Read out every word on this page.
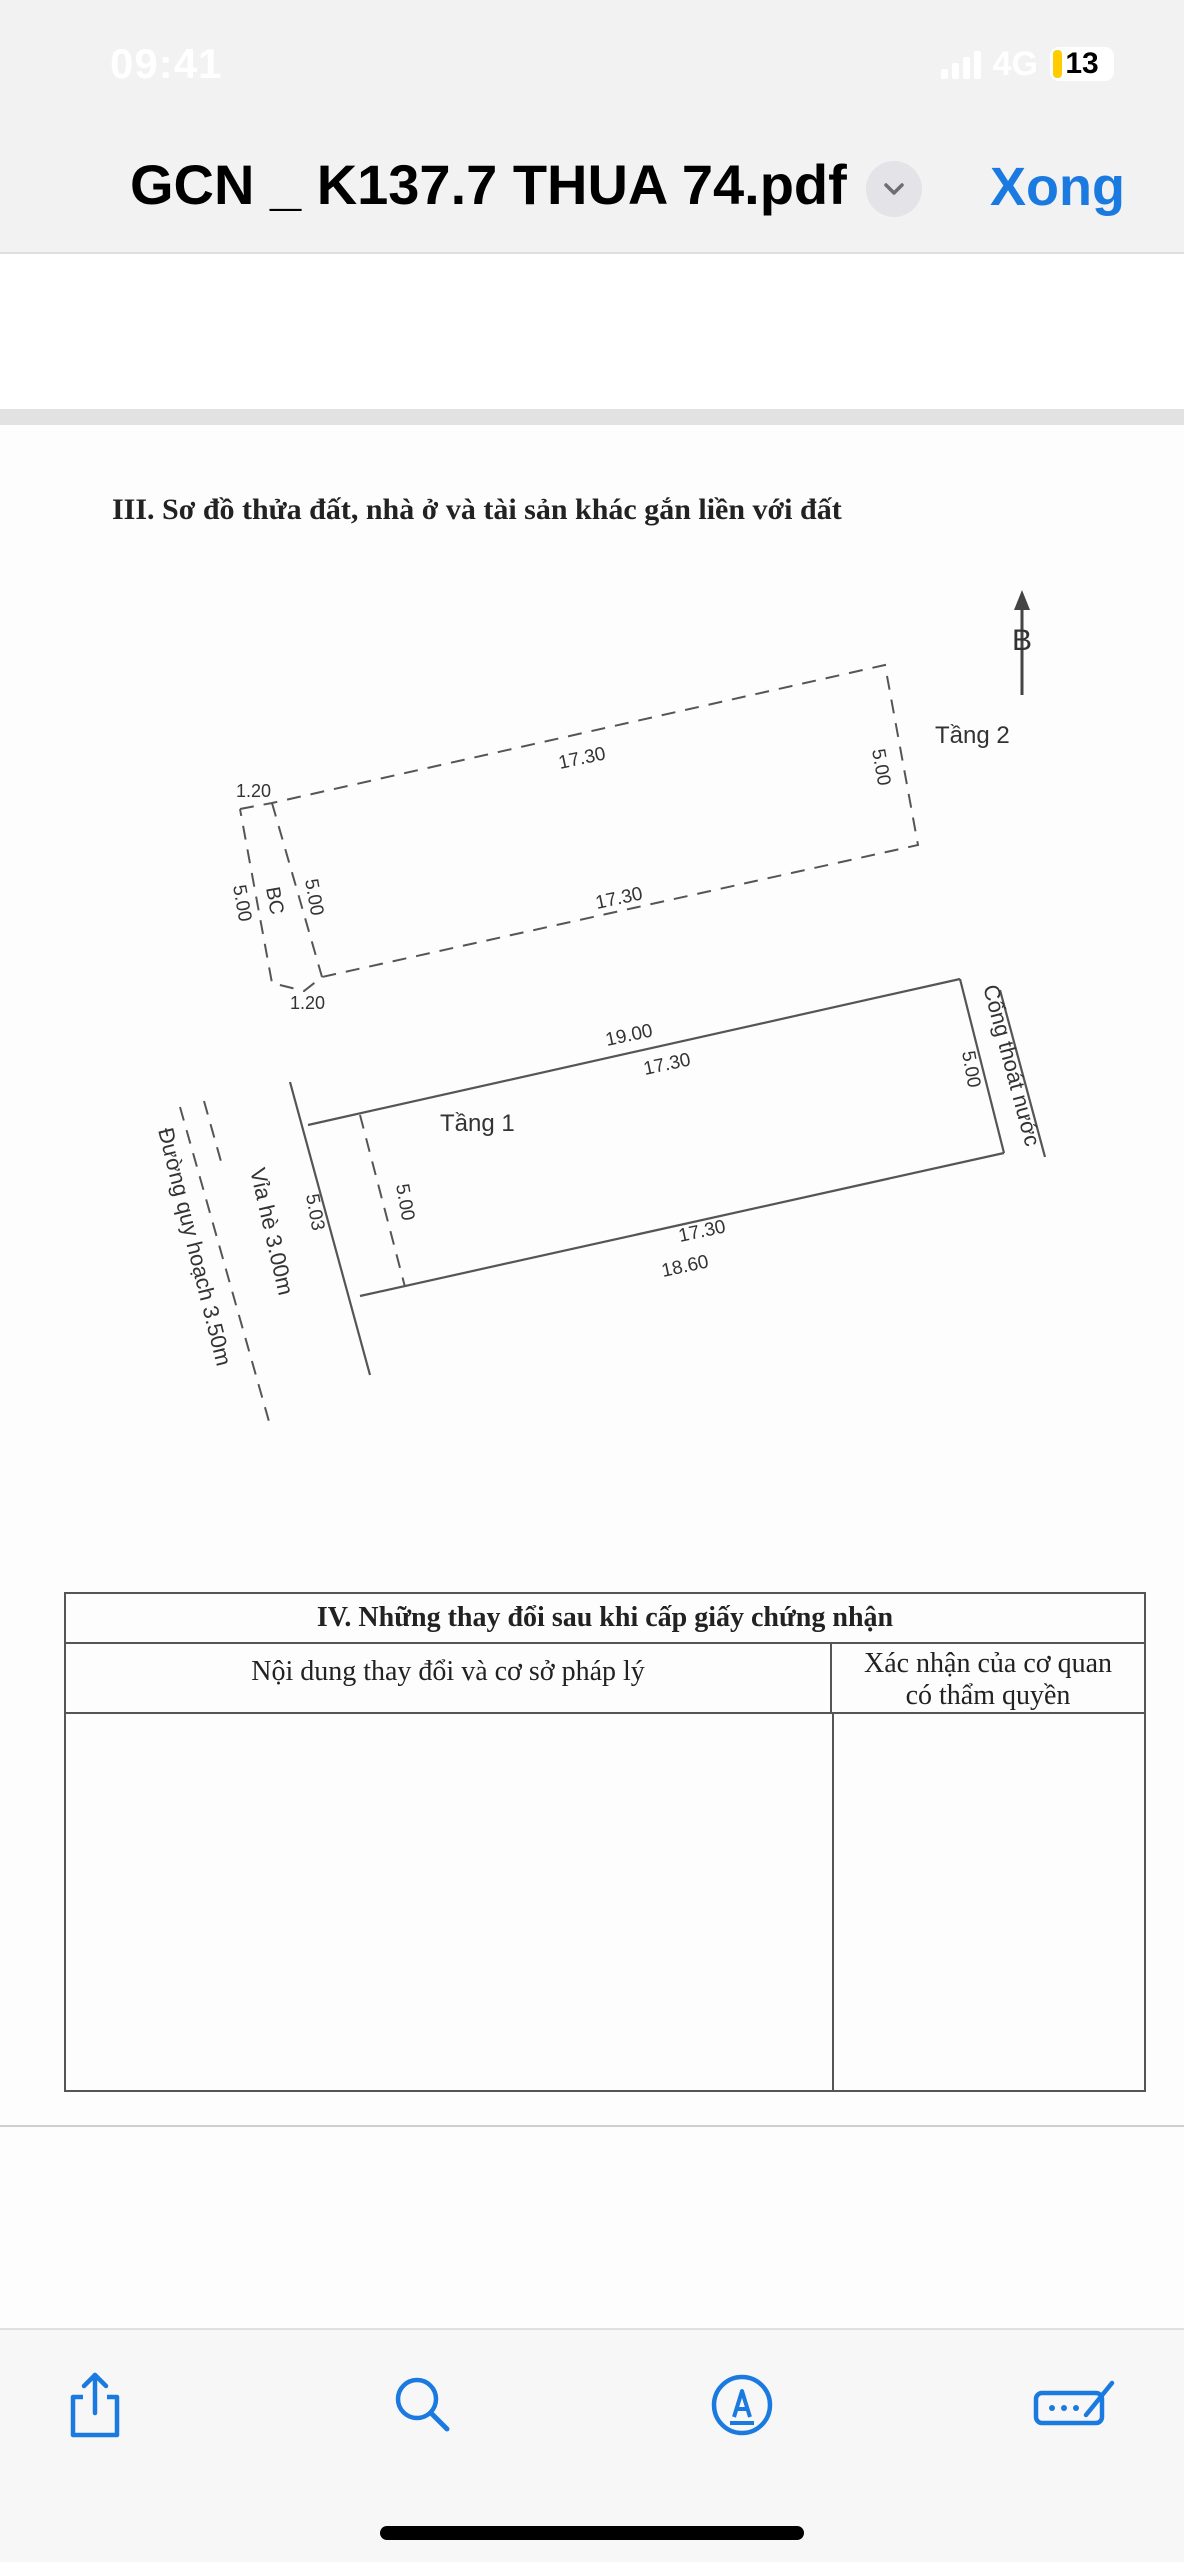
09:41	4G 13
GCN _ K137.7 THUA 74.pdf	Xong
III. Sơ đồ thửa đất, nhà ở và tài sản khác gắn liền với đất
B
Tầng 2
17.30
17.30
5.00
5.00 5.00
BC
1.20
1.20
Tầng 1
19.00
17.30
17.30
18.60
5.00
5.00
5.03
Cống thoát nước
Vỉa hè 3.00m
Đường quy hoạch 3.50m
IV. Những thay đổi sau khi cấp giấy chứng nhận
Nội dung thay đổi và cơ sở pháp lý	Xác nhận của cơ quan
có thẩm quyền
